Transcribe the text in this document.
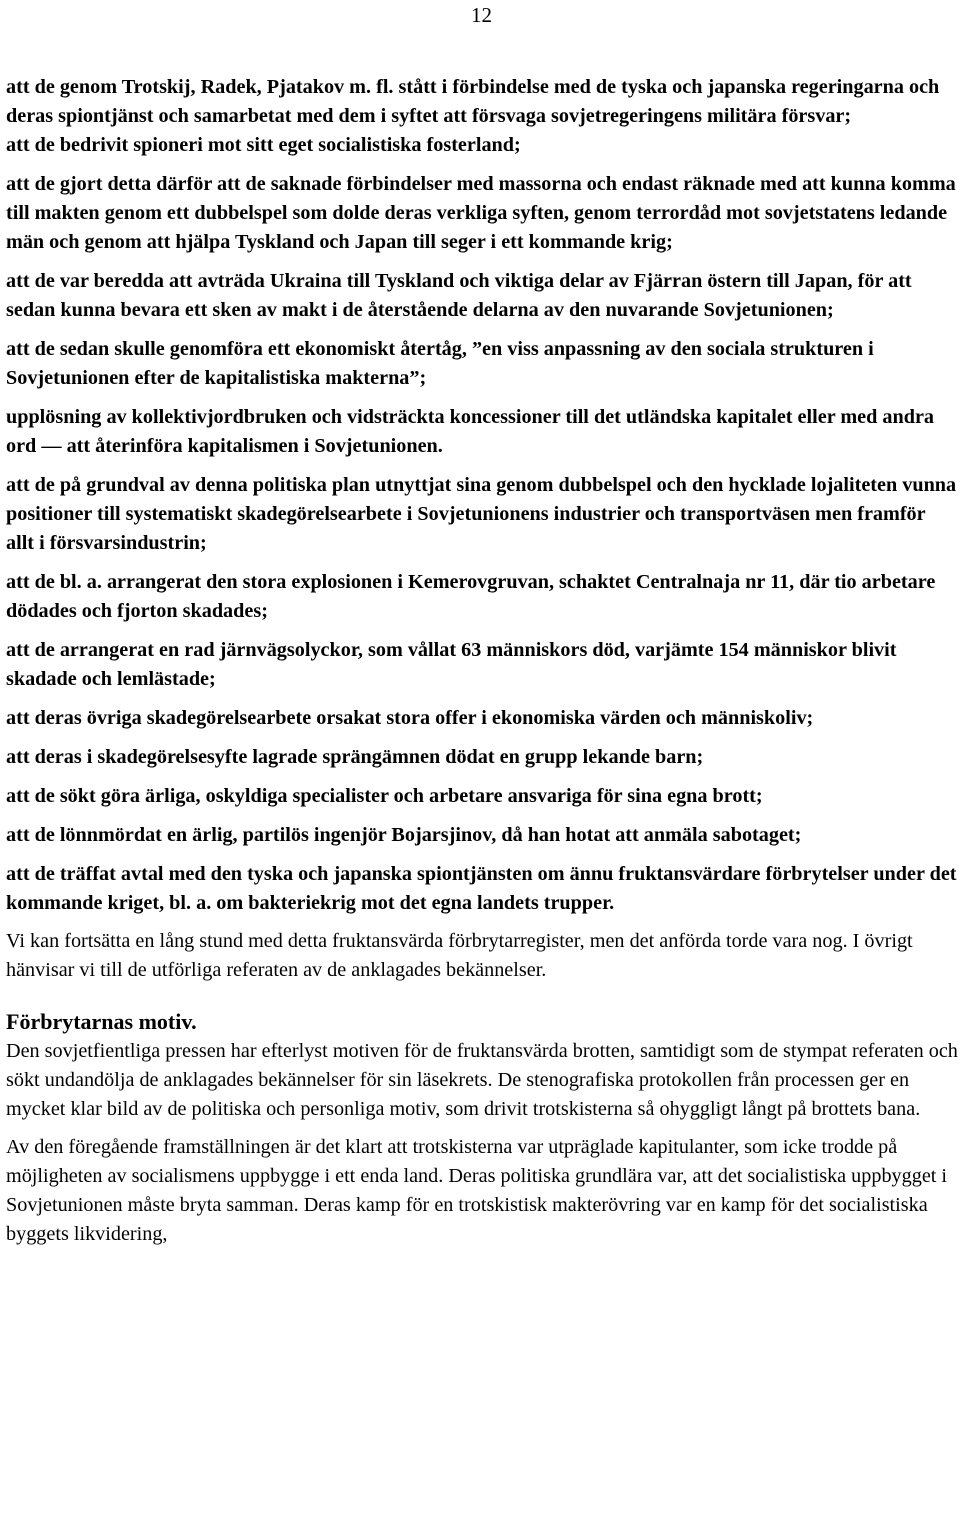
12

att de genom Trotskij, Radek, Pjatakov m. fl. stått i förbindelse med de tyska och japanska regeringarna och deras spiontjänst och samarbetat med dem i syftet att försvaga sovjetregeringens militära försvar;

att de bedrivit spioneri mot sitt eget socialistiska fosterland;

att de gjort detta därför att de saknade förbindelser med massorna och endast räknade med att kunna komma till makten genom ett dubbelspel som dolde deras verkliga syften, genom terrordåd mot sovjetstatens ledande män och genom att hjälpa Tyskland och Japan till seger i ett kommande krig;

att de var beredda att avträda Ukraina till Tyskland och viktiga delar av Fjärran östern till Japan, för att sedan kunna bevara ett sken av makt i de återstående delarna av den nuvarande Sovjetunionen;

att de sedan skulle genomföra ett ekonomiskt återtåg, ”en viss anpassning av den sociala strukturen i Sovjetunionen efter de kapitalistiska makterna”;

upplösning av kollektivjordbruken och vidsträckta koncessioner till det utländska kapitalet eller med andra ord — att återinföra kapitalismen i Sovjetunionen.

att de på grundval av denna politiska plan utnyttjat sina genom dubbelspel och den hycklade lojaliteten vunna positioner till systematiskt skadegörelsearbete i Sovjetunionens industrier och transportväsen men framför allt i försvarsindustrin;

att de bl. a. arrangerat den stora explosionen i Kemerovgruvan, schaktet Centralnaja nr 11, där tio arbetare dödades och fjorton skadades;

att de arrangerat en rad järnvägsolyckor, som vållat 63 människors död, varjämte 154 människor blivit skadade och lemlästade;

att deras övriga skadegörelsearbete orsakat stora offer i ekonomiska värden och människoliv;

att deras i skadegörelsesyfte lagrade sprängämnen dödat en grupp lekande barn;

att de sökt göra ärliga, oskyldiga specialister och arbetare ansvariga för sina egna brott;

att de lönnmördat en ärlig, partilös ingenjör Bojarsjinov, då han hotat att anmäla sabotaget;

att de träffat avtal med den tyska och japanska spiontjänsten om ännu fruktansvärdare förbrytelser under det kommande kriget, bl. a. om bakteriekrig mot det egna landets trupper.

Vi kan fortsätta en lång stund med detta fruktansvärda förbrytarregister, men det anförda torde vara nog. I övrigt hänvisar vi till de utförliga referaten av de anklagades bekännelser.

Förbrytarnas motiv.

Den sovjetfientliga pressen har efterlyst motiven för de fruktansvärda brotten, samtidigt som de stympat referaten och sökt undandölja de anklagades bekännelser för sin läsekrets. De stenografiska protokollen från processen ger en mycket klar bild av de politiska och personliga motiv, som drivit trotskisterna så ohyggligt långt på brottets bana.

Av den föregående framställningen är det klart att trotskisterna var utpräglade kapitulanter, som icke trodde på möjligheten av socialismens uppbygge i ett enda land. Deras politiska grundlära var, att det socialistiska uppbygget i Sovjetunionen måste bryta samman. Deras kamp för en trotskistisk makterövring var en kamp för det socialistiska byggets likvidering,
